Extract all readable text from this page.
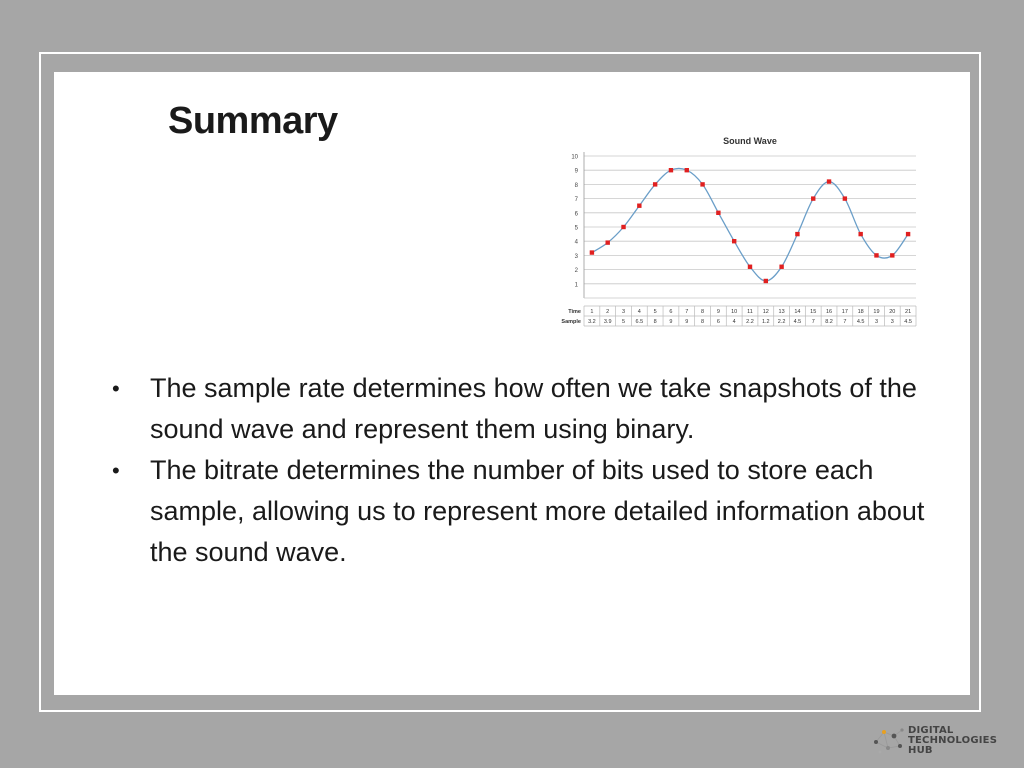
Summary	Sound Wave
1
2
3
4
5
6
7
8
9
10
Time
Sample
1
3.2
2
3.9
3
5
4
6.5
5
8
6
9
7
9
8
8
9
6
10
4
11
2.2
12
1.2
13
2.2
14
4.5
15
7
16
8.2
17
7
18
4.5
19
3
20
3
21
4.5
• The sample rate determines how often we take snapshots of the sound wave and represent them using binary.
• The bitrate determines the number of bits used to store each sample, allowing us to represent more detailed information about the sound wave.
DIGITAL
TECHNOLOGIES
HUB
